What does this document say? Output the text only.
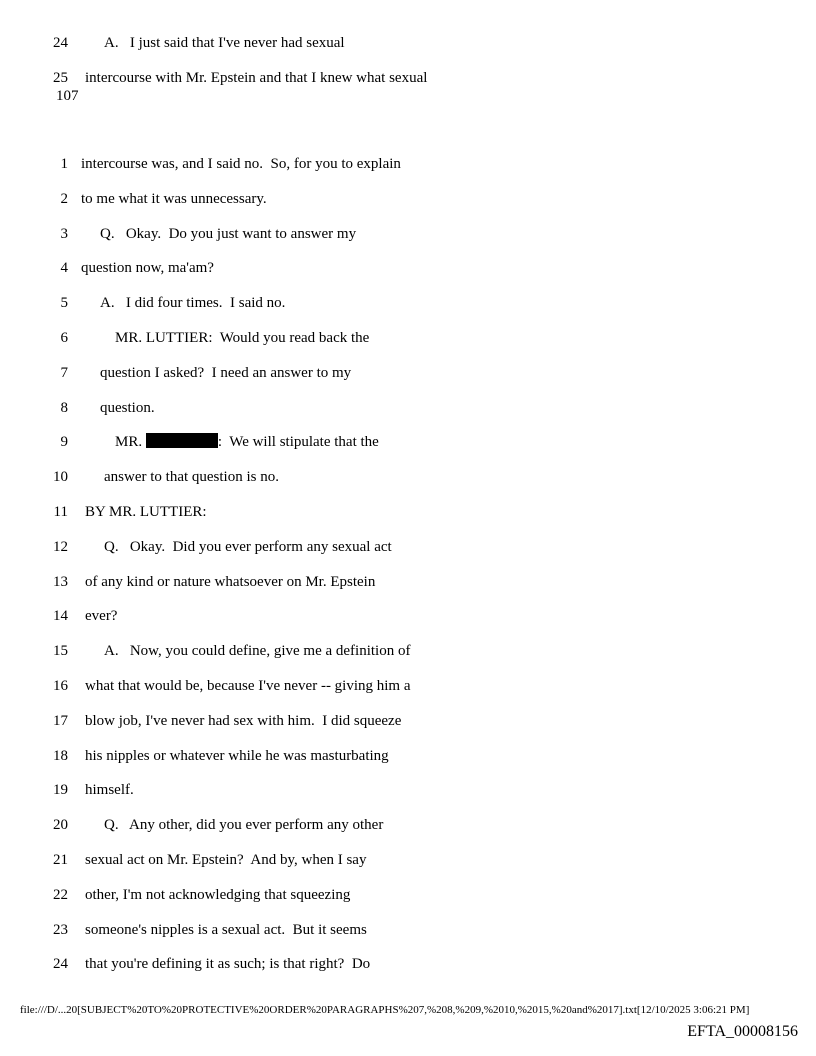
24 A.   I just said that I've never had sexual
25 intercourse with Mr. Epstein and that I knew what sexual
107
1 intercourse was, and I said no.  So, for you to explain
2 to me what it was unnecessary.
3 Q.   Okay.  Do you just want to answer my
4 question now, ma'am?
5 A.   I did four times.  I said no.
6	MR. LUTTIER:  Would you read back the
7 question I asked?  I need an answer to my
8 question.
9	MR.	:  We will stipulate that the
10 answer to that question is no.
11 BY MR. LUTTIER:
12 Q.   Okay.  Did you ever perform any sexual act
13 of any kind or nature whatsoever on Mr. Epstein
14 ever?
15 A.   Now, you could define, give me a definition of
16 what that would be, because I've never -- giving him a
17 blow job, I've never had sex with him.  I did squeeze
18 his nipples or whatever while he was masturbating
19 himself.
20 Q.   Any other, did you ever perform any other
21 sexual act on Mr. Epstein?  And by, when I say
22 other, I'm not acknowledging that squeezing
23 someone's nipples is a sexual act.  But it seems
24 that you're defining it as such; is that right?  Do
file:///D/...20[SUBJECT%20TO%20PROTECTIVE%20ORDER%20PARAGRAPHS%207,%208,%209,%2010,%2015,%20and%2017].txt[12/10/2025 3:06:21 PM]
EFTA_00008156
